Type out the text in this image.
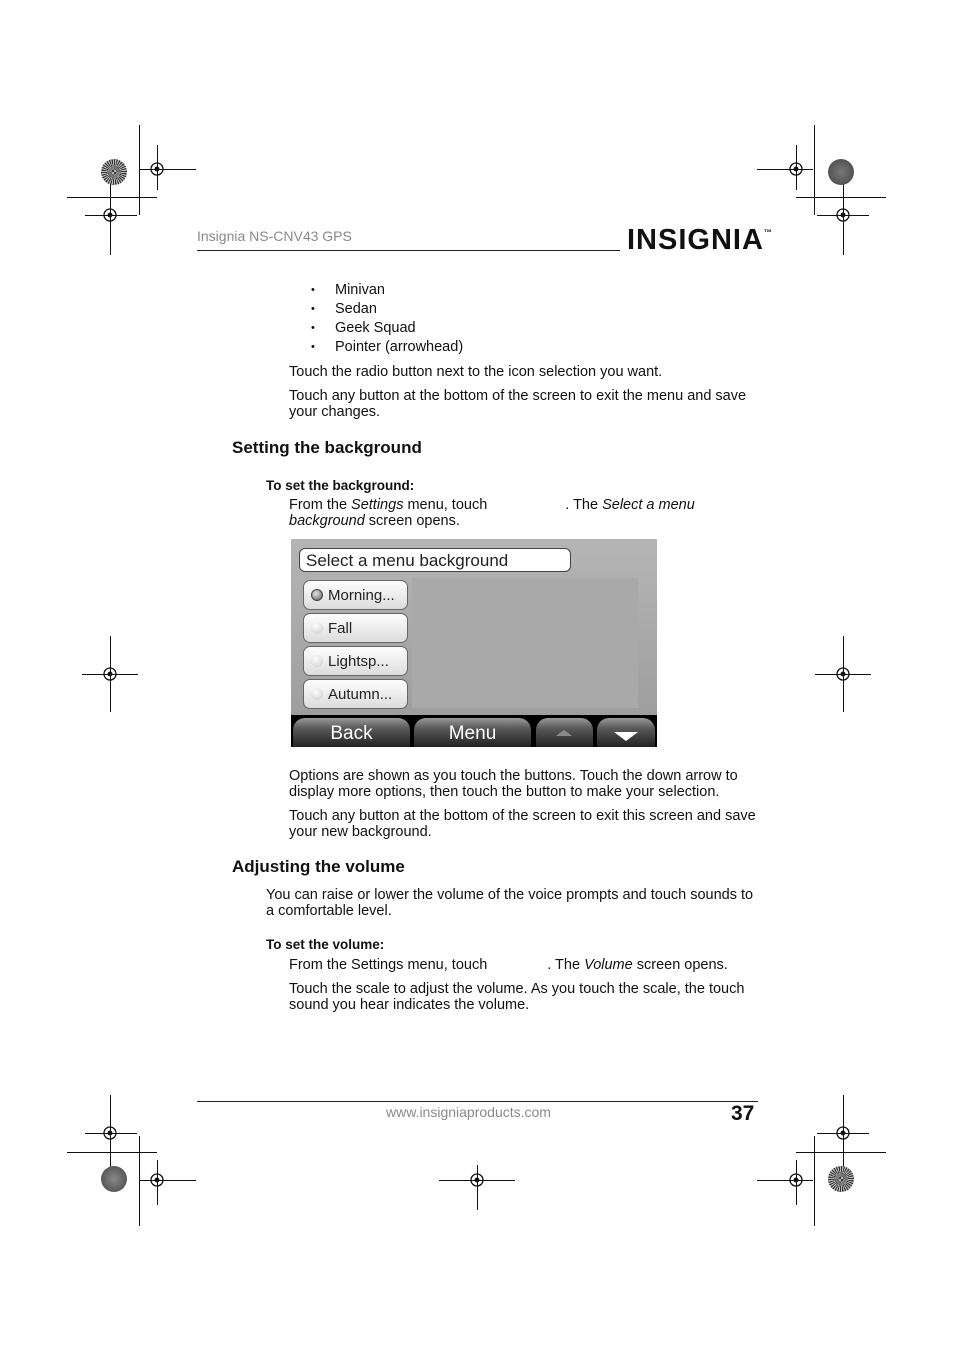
Insignia NS-CNV43 GPS	INSIGNIA™
• Minivan
• Sedan
• Geek Squad
• Pointer (arrowhead)

Touch the radio button next to the icon selection you want.

Touch any button at the bottom of the screen to exit the menu and save your changes.

Setting the background
To set the background:

From the Settings menu, touch	. The Select a menu
background screen opens.

Select a menu background
Morning...
Fall
Lightsp...
Autumn...
Back	Menu

Options are shown as you touch the buttons. Touch the down arrow to display more options, then touch the button to make your selection.

Touch any button at the bottom of the screen to exit this screen and save your new background.

Adjusting the volume

You can raise or lower the volume of the voice prompts and touch sounds to a comfortable level.

To set the volume:

From the Settings menu, touch	. The Volume screen opens.

Touch the scale to adjust the volume. As you touch the scale, the touch sound you hear indicates the volume.

www.insigniaproducts.com	37
